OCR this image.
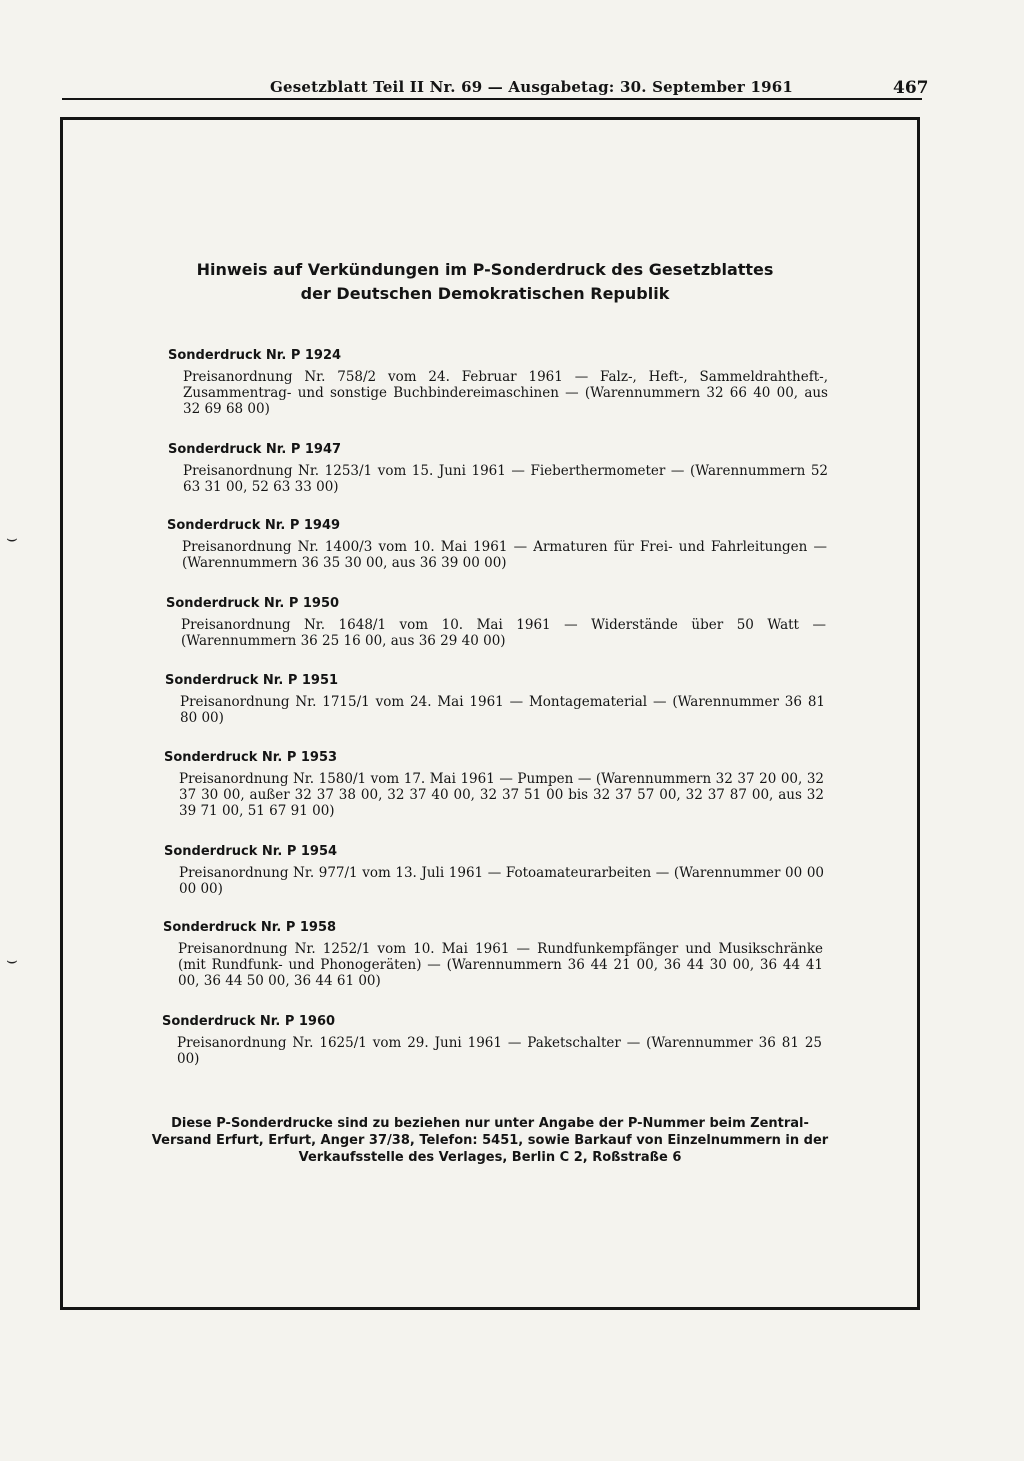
Gesetzblatt Teil II Nr. 69 — Ausgabetag: 30. September 1961	467
Hinweis auf Verkündungen im P-Sonderdruck des Gesetzblattes
der Deutschen Demokratischen Republik
Sonderdruck Nr. P 1924
Preisanordnung Nr. 758/2 vom 24. Februar 1961 — Falz-, Heft-, Sammeldrahtheft-, Zusammentrag- und sonstige Buchbindereimaschinen — (Warennummern 32 66 40 00, aus 32 69 68 00)
Sonderdruck Nr. P 1947
Preisanordnung Nr. 1253/1 vom 15. Juni 1961 — Fieberthermometer — (Warennummern 52 63 31 00, 52 63 33 00)
Sonderdruck Nr. P 1949
Preisanordnung Nr. 1400/3 vom 10. Mai 1961 — Armaturen für Frei- und Fahrleitungen — (Warennummern 36 35 30 00, aus 36 39 00 00)
Sonderdruck Nr. P 1950
Preisanordnung Nr. 1648/1 vom 10. Mai 1961 — Widerstände über 50 Watt — (Warennummern 36 25 16 00, aus 36 29 40 00)
Sonderdruck Nr. P 1951
Preisanordnung Nr. 1715/1 vom 24. Mai 1961 — Montagematerial — (Warennummer 36 81 80 00)
Sonderdruck Nr. P 1953
Preisanordnung Nr. 1580/1 vom 17. Mai 1961 — Pumpen — (Warennummern 32 37 20 00, 32 37 30 00, außer 32 37 38 00, 32 37 40 00, 32 37 51 00 bis 32 37 57 00, 32 37 87 00, aus 32 39 71 00, 51 67 91 00)
Sonderdruck Nr. P 1954
Preisanordnung Nr. 977/1 vom 13. Juli 1961 — Fotoamateurarbeiten — (Warennummer 00 00 00 00)
Sonderdruck Nr. P 1958
Preisanordnung Nr. 1252/1 vom 10. Mai 1961 — Rundfunkempfänger und Musikschränke (mit Rundfunk- und Phonogeräten) — (Warennummern 36 44 21 00, 36 44 30 00, 36 44 41 00, 36 44 50 00, 36 44 61 00)
Sonderdruck Nr. P 1960
Preisanordnung Nr. 1625/1 vom 29. Juni 1961 — Paketschalter — (Warennummer 36 81 25 00)
Diese P-Sonderdrucke sind zu beziehen nur unter Angabe der P-Nummer beim Zentral-Versand Erfurt, Erfurt, Anger 37/38, Telefon: 5451, sowie Barkauf von Einzelnummern in der Verkaufsstelle des Verlages, Berlin C 2, Roßstraße 6
⌣
⌣
